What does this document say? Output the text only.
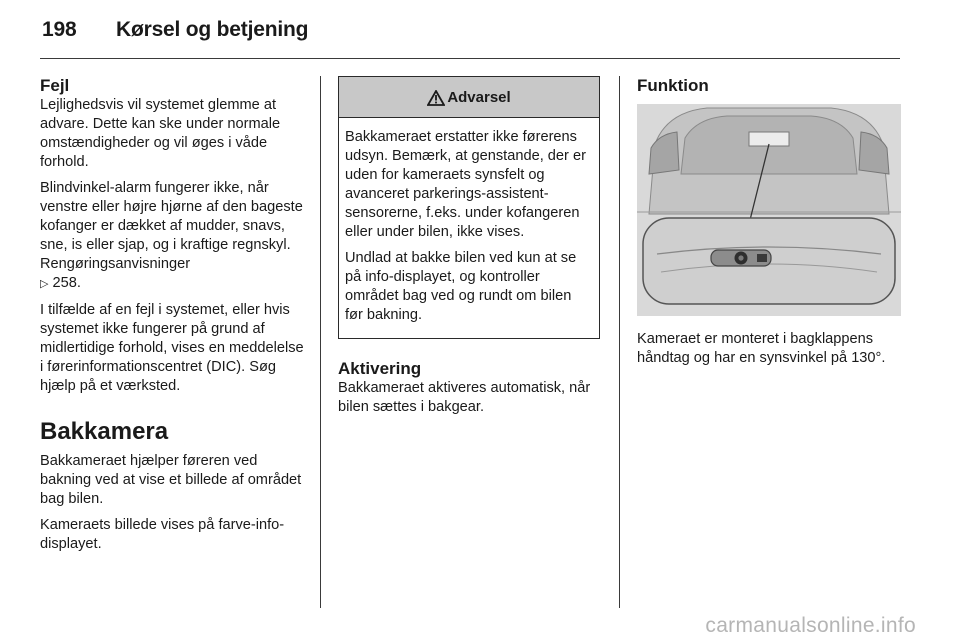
198 Kørsel og betjening
Fejl

Lejlighedsvis vil systemet glemme at advare. Dette kan ske under normale omstændigheder og vil øges i våde forhold.

Blindvinkel-alarm fungerer ikke, når venstre eller højre hjørne af den bageste kofanger er dækket af mudder, snavs, sne, is eller sjap, og i kraftige regnskyl. Rengøringsanvisninger
▷ 258.

I tilfælde af en fejl i systemet, eller hvis systemet ikke fungerer på grund af midlertidige forhold, vises en meddelelse i førerinformationscentret (DIC). Søg hjælp på et værksted.

Bakkamera

Bakkameraet hjælper føreren ved bakning ved at vise et billede af området bag bilen.

Kameraets billede vises på farve-info-displayet.

Advarsel

Bakkameraet erstatter ikke førerens udsyn. Bemærk, at genstande, der er uden for kameraets synsfelt og avanceret parkerings-assistent-sensorerne, f.eks. under kofangeren eller under bilen, ikke vises.

Undlad at bakke bilen ved kun at se på info-displayet, og kontroller området bag ved og rundt om bilen før bakning.

Aktivering

Bakkameraet aktiveres automatisk, når bilen sættes i bakgear.

Funktion

Kameraet er monteret i bagklappens håndtag og har en synsvinkel på 130°.

carmanualsonline.info
